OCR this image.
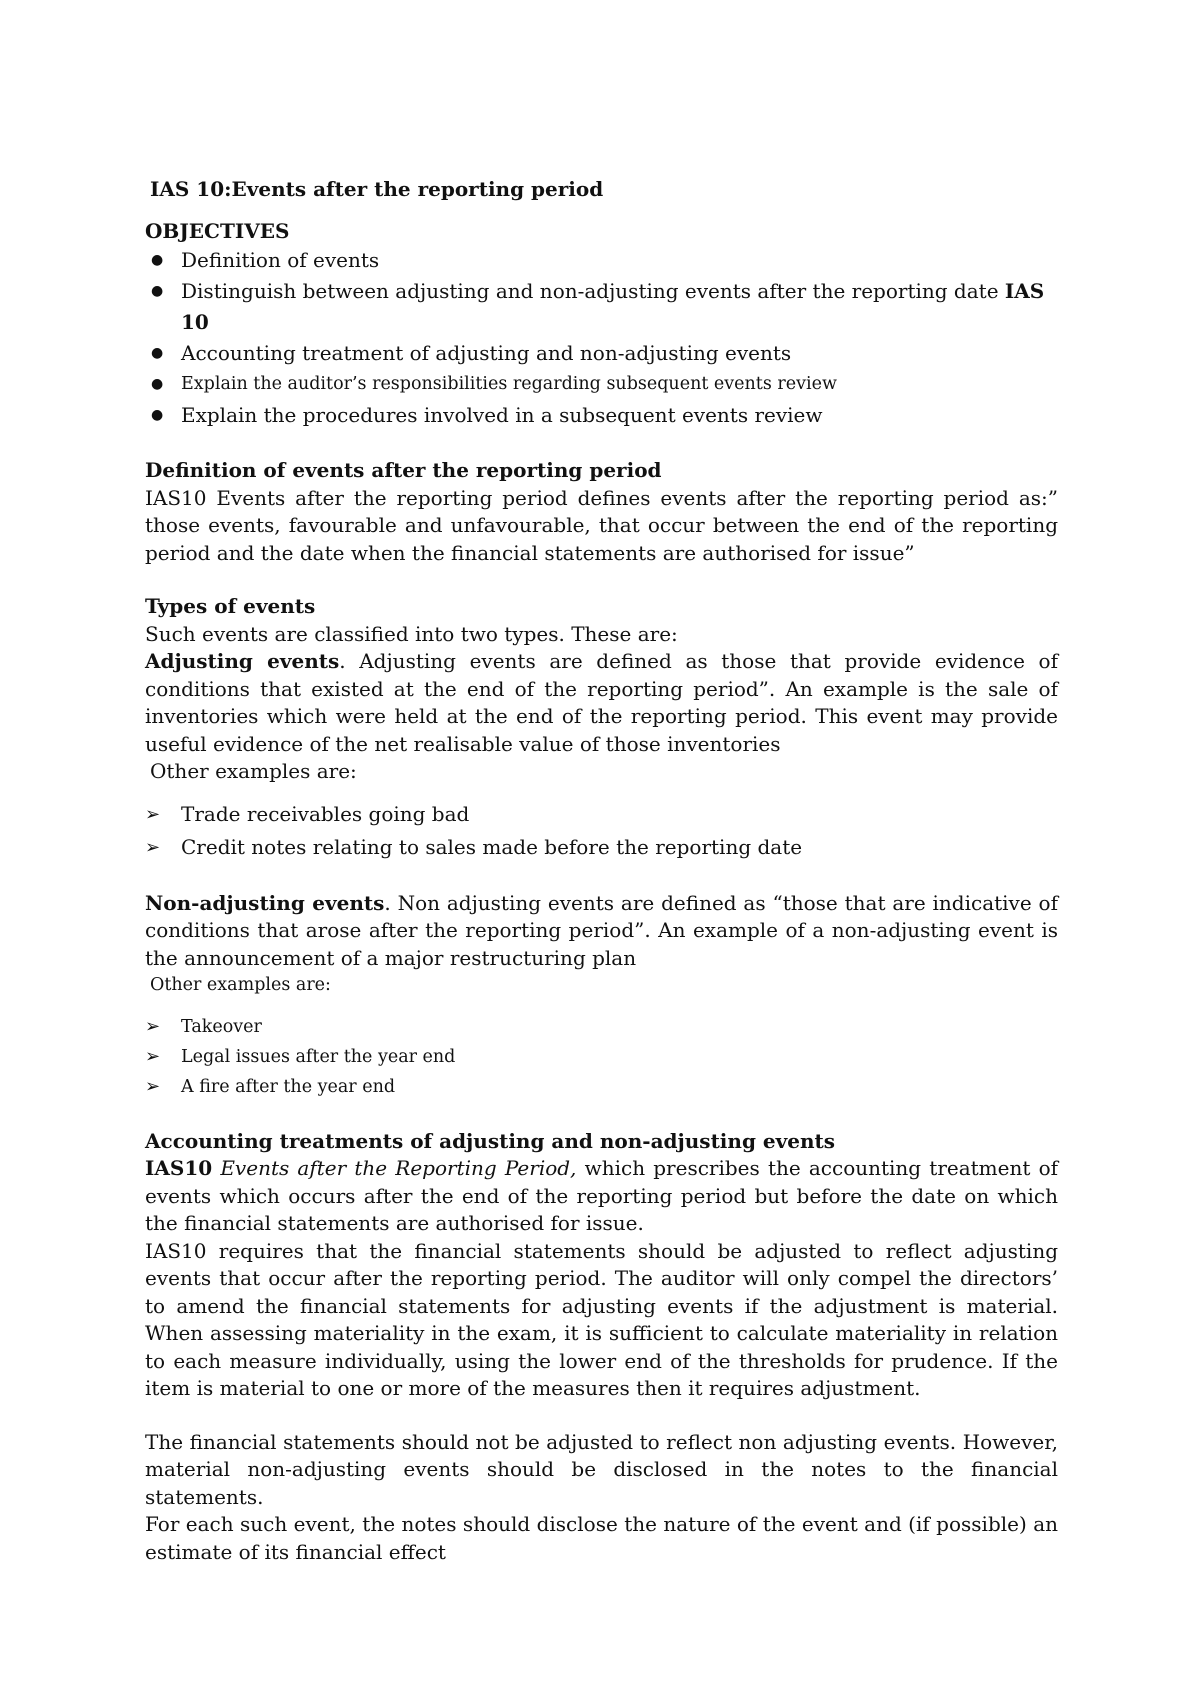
IAS 10:Events after the reporting period

OBJECTIVES

● Definition of events
● Distinguish between adjusting and non-adjusting events after the reporting date IAS 10
● Accounting treatment of adjusting and non-adjusting events
● Explain the auditor’s responsibilities regarding subsequent events review
● Explain the procedures involved in a subsequent events review

Definition of events after the reporting period

IAS10 Events after the reporting period defines events after the reporting period as:” those events, favourable and unfavourable, that occur between the end of the reporting period and the date when the financial statements are authorised for issue”

Types of events

Such events are classified into two types. These are:

Adjusting events. Adjusting events are defined as those that provide evidence of conditions that existed at the end of the reporting period”. An example is the sale of inventories which were held at the end of the reporting period. This event may provide useful evidence of the net realisable value of those inventories

Other examples are:

➢ Trade receivables going bad
➢ Credit notes relating to sales made before the reporting date

Non-adjusting events. Non adjusting events are defined as “those that are indicative of conditions that arose after the reporting period”. An example of a non-adjusting event is the announcement of a major restructuring plan

Other examples are:

➢ Takeover
➢ Legal issues after the year end
➢ A fire after the year end

Accounting treatments of adjusting and non-adjusting events

IAS10 Events after the Reporting Period, which prescribes the accounting treatment of events which occurs after the end of the reporting period but before the date on which the financial statements are authorised for issue.

IAS10 requires that the financial statements should be adjusted to reflect adjusting events that occur after the reporting period. The auditor will only compel the directors’ to amend the financial statements for adjusting events if the adjustment is material. When assessing materiality in the exam, it is sufficient to calculate materiality in relation to each measure individually, using the lower end of the thresholds for prudence. If the item is material to one or more of the measures then it requires adjustment.

The financial statements should not be adjusted to reflect non adjusting events. However, material non-adjusting events should be disclosed in the notes to the financial statements.

For each such event, the notes should disclose the nature of the event and (if possible) an estimate of its financial effect
